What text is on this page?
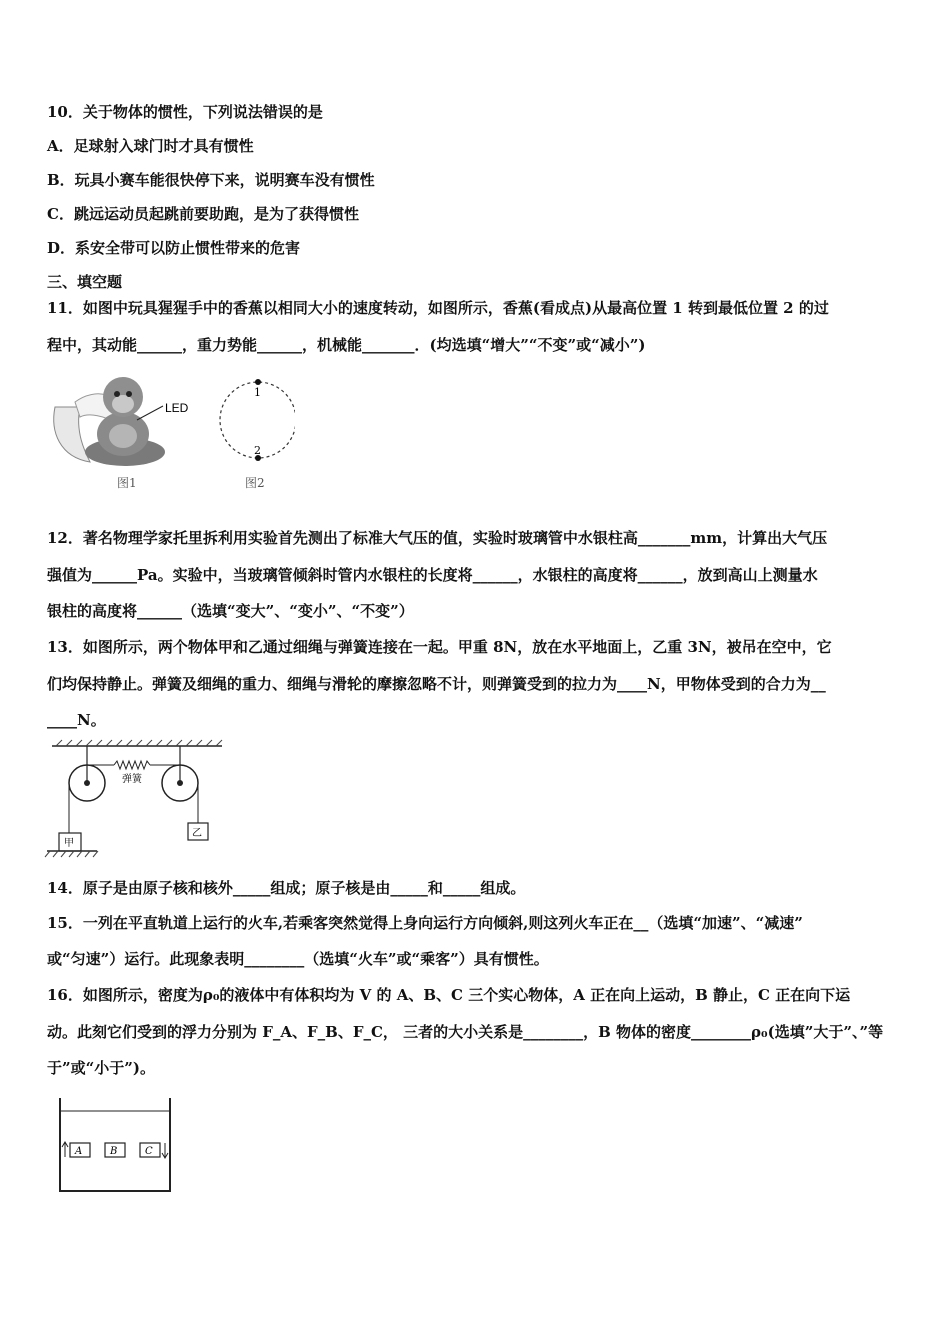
10．关于物体的惯性，下列说法错误的是
A．足球射入球门时才具有惯性
B．玩具小赛车能很快停下来，说明赛车没有惯性
C．跳远运动员起跳前要助跑，是为了获得惯性
D．系安全带可以防止惯性带来的危害
三、填空题
11．如图中玩具猩猩手中的香蕉以相同大小的速度转动，如图所示，香蕉(看成点)从最高位置 1 转到最低位置 2 的过
程中，其动能______，重力势能______，机械能_______．(均选填“增大”“不变”或“减小”)
LED
1
2
图1	图2
12．著名物理学家托里拆利用实验首先测出了标准大气压的值，实验时玻璃管中水银柱高_______mm，计算出大气压
强值为______Pa。实验中，当玻璃管倾斜时管内水银柱的长度将______，水银柱的高度将______，放到高山上测量水
银柱的高度将______（选填“变大”、“变小”、“不变”）
13．如图所示，两个物体甲和乙通过细绳与弹簧连接在一起。甲重 8N，放在水平地面上，乙重 3N，被吊在空中，它
们均保持静止。弹簧及细绳的重力、细绳与滑轮的摩擦忽略不计，则弹簧受到的拉力为____N，甲物体受到的合力为__
____N。
弹簧
甲
乙
14．原子是由原子核和核外_____组成；原子核是由_____和_____组成。
15．一列在平直轨道上运行的火车,若乘客突然觉得上身向运行方向倾斜,则这列火车正在__（选填“加速”、“减速”
或“匀速”）运行。此现象表明________（选填“火车”或“乘客”）具有惯性。
16．如图所示，密度为ρ₀的液体中有体积均为 V 的 A、B、C 三个实心物体，A 正在向上运动，B 静止，C 正在向下运
动。此刻它们受到的浮力分别为 F_A、F_B、F_C， 三者的大小关系是________，B 物体的密度________ρ₀(选填”大于”、”等
于”或“小于”)。
A	B	C
